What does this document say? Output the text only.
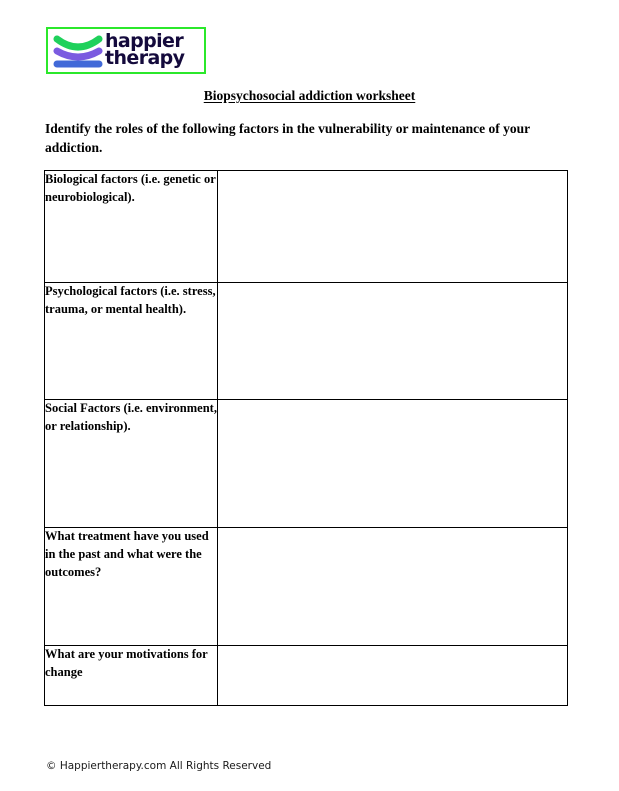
happier
therapy
Biopsychosocial addiction worksheet
Identify the roles of the following factors in the vulnerability or maintenance of your addiction.
Biological factors (i.e. genetic or neurobiological).	
Psychological factors (i.e. stress, trauma, or mental health).	
Social Factors (i.e. environment, or relationship).	
What treatment have you used in the past and what were the outcomes?	
What are your motivations for change	
© Happiertherapy.com All Rights Reserved
